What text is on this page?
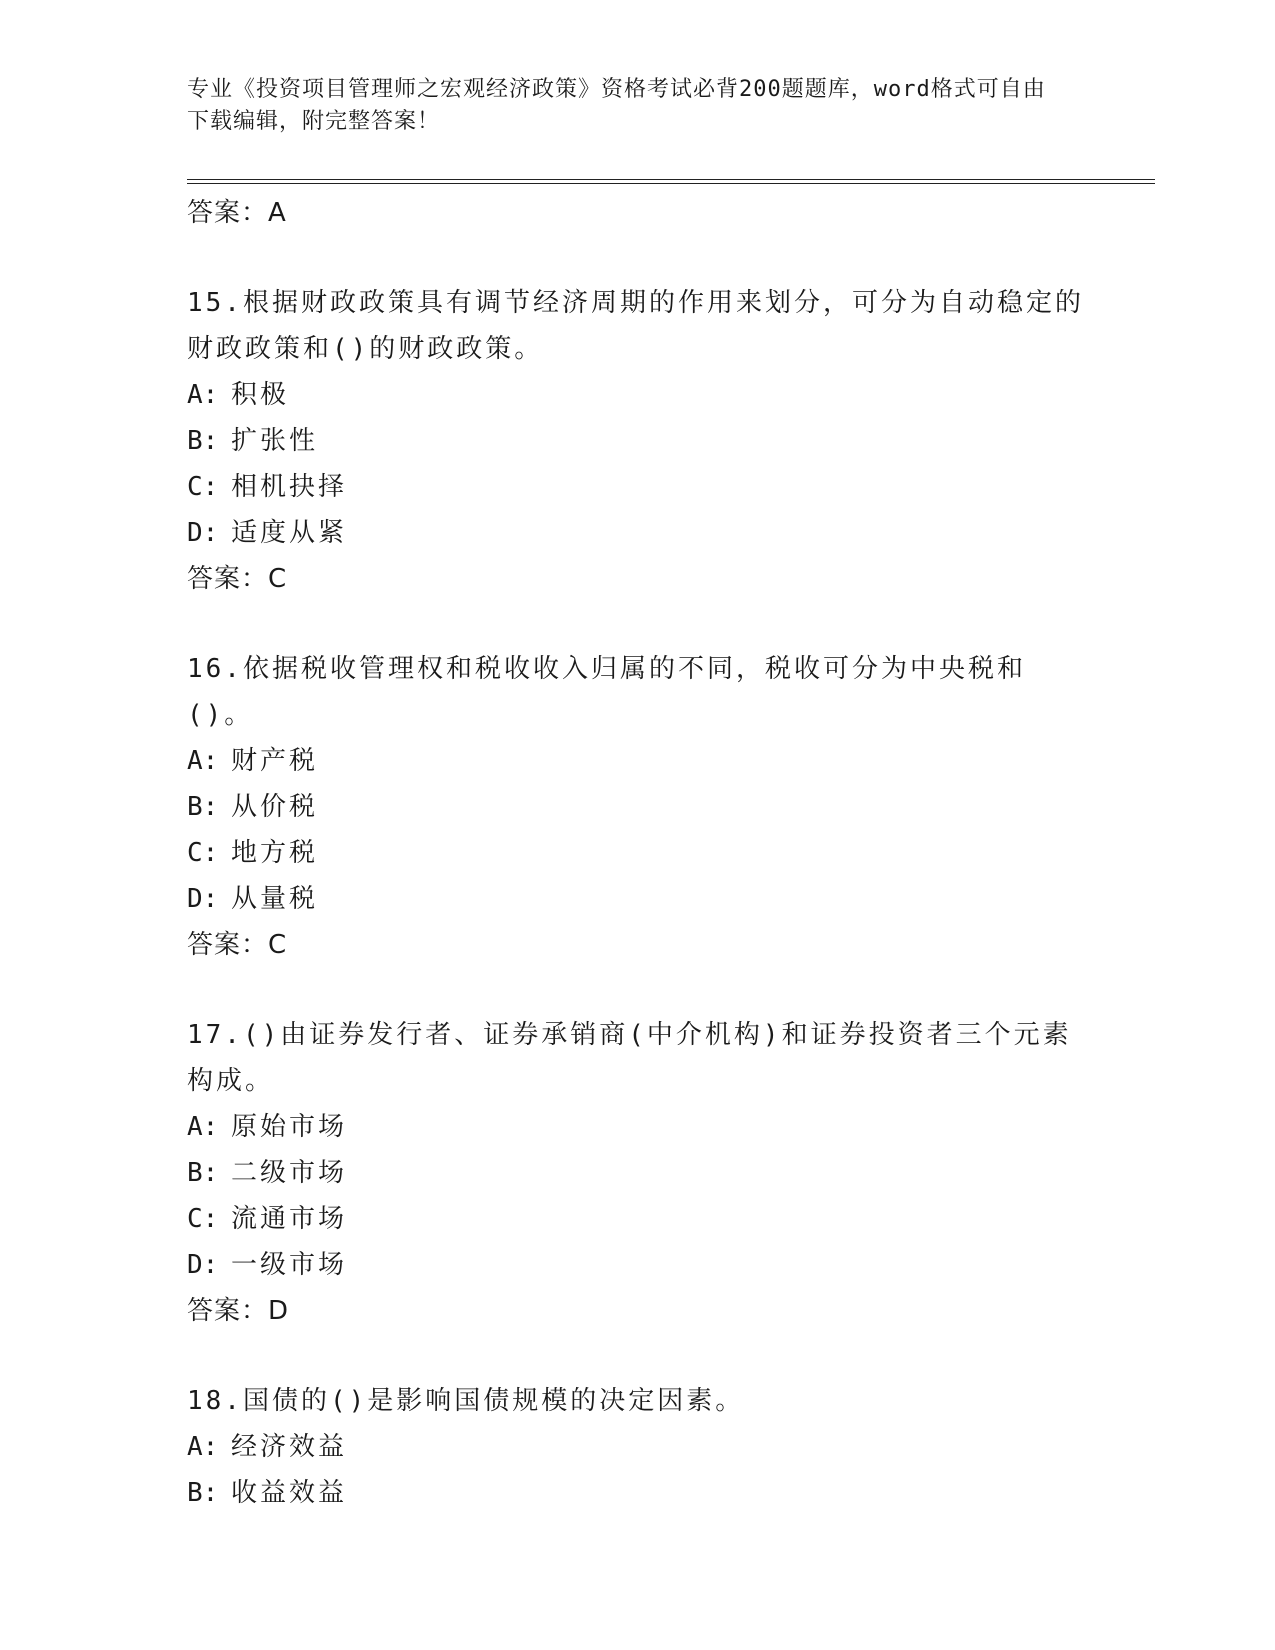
专业《投资项目管理师之宏观经济政策》资格考试必背200题题库，word格式可自由下载编辑，附完整答案！
答案：A
15.根据财政政策具有调节经济周期的作用来划分，可分为自动稳定的财政政策和()的财政政策。
A: 积极
B: 扩张性
C: 相机抉择
D: 适度从紧
答案：C
16.依据税收管理权和税收收入归属的不同，税收可分为中央税和()。
A: 财产税
B: 从价税
C: 地方税
D: 从量税
答案：C
17.()由证券发行者、证券承销商(中介机构)和证券投资者三个元素构成。
A: 原始市场
B: 二级市场
C: 流通市场
D: 一级市场
答案：D
18.国债的()是影响国债规模的决定因素。
A: 经济效益
B: 收益效益
